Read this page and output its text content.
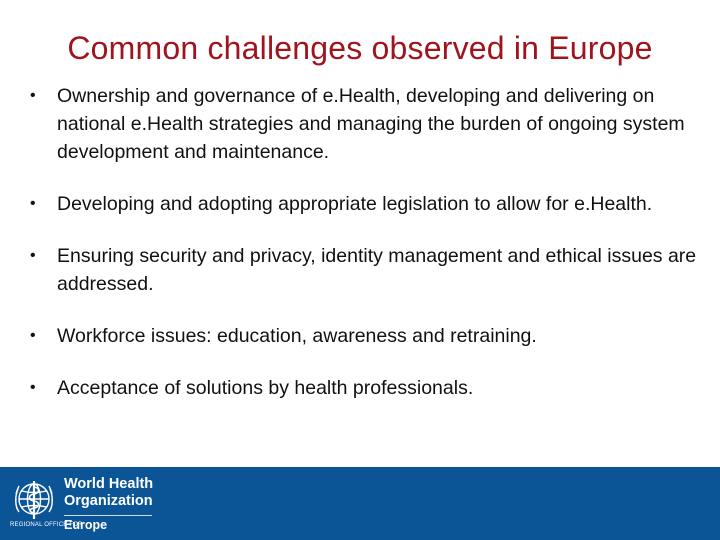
Common challenges observed in Europe
• Ownership and governance of e.Health, developing and delivering on national e.Health strategies and managing the burden of ongoing system development and maintenance.
• Developing and adopting appropriate legislation to allow for e.Health.
• Ensuring security and privacy, identity management and ethical issues are addressed.
• Workforce issues: education, awareness and retraining.
• Acceptance of solutions by health professionals.
World Health
Organization
REGIONAL OFFICE FOR
Europe
